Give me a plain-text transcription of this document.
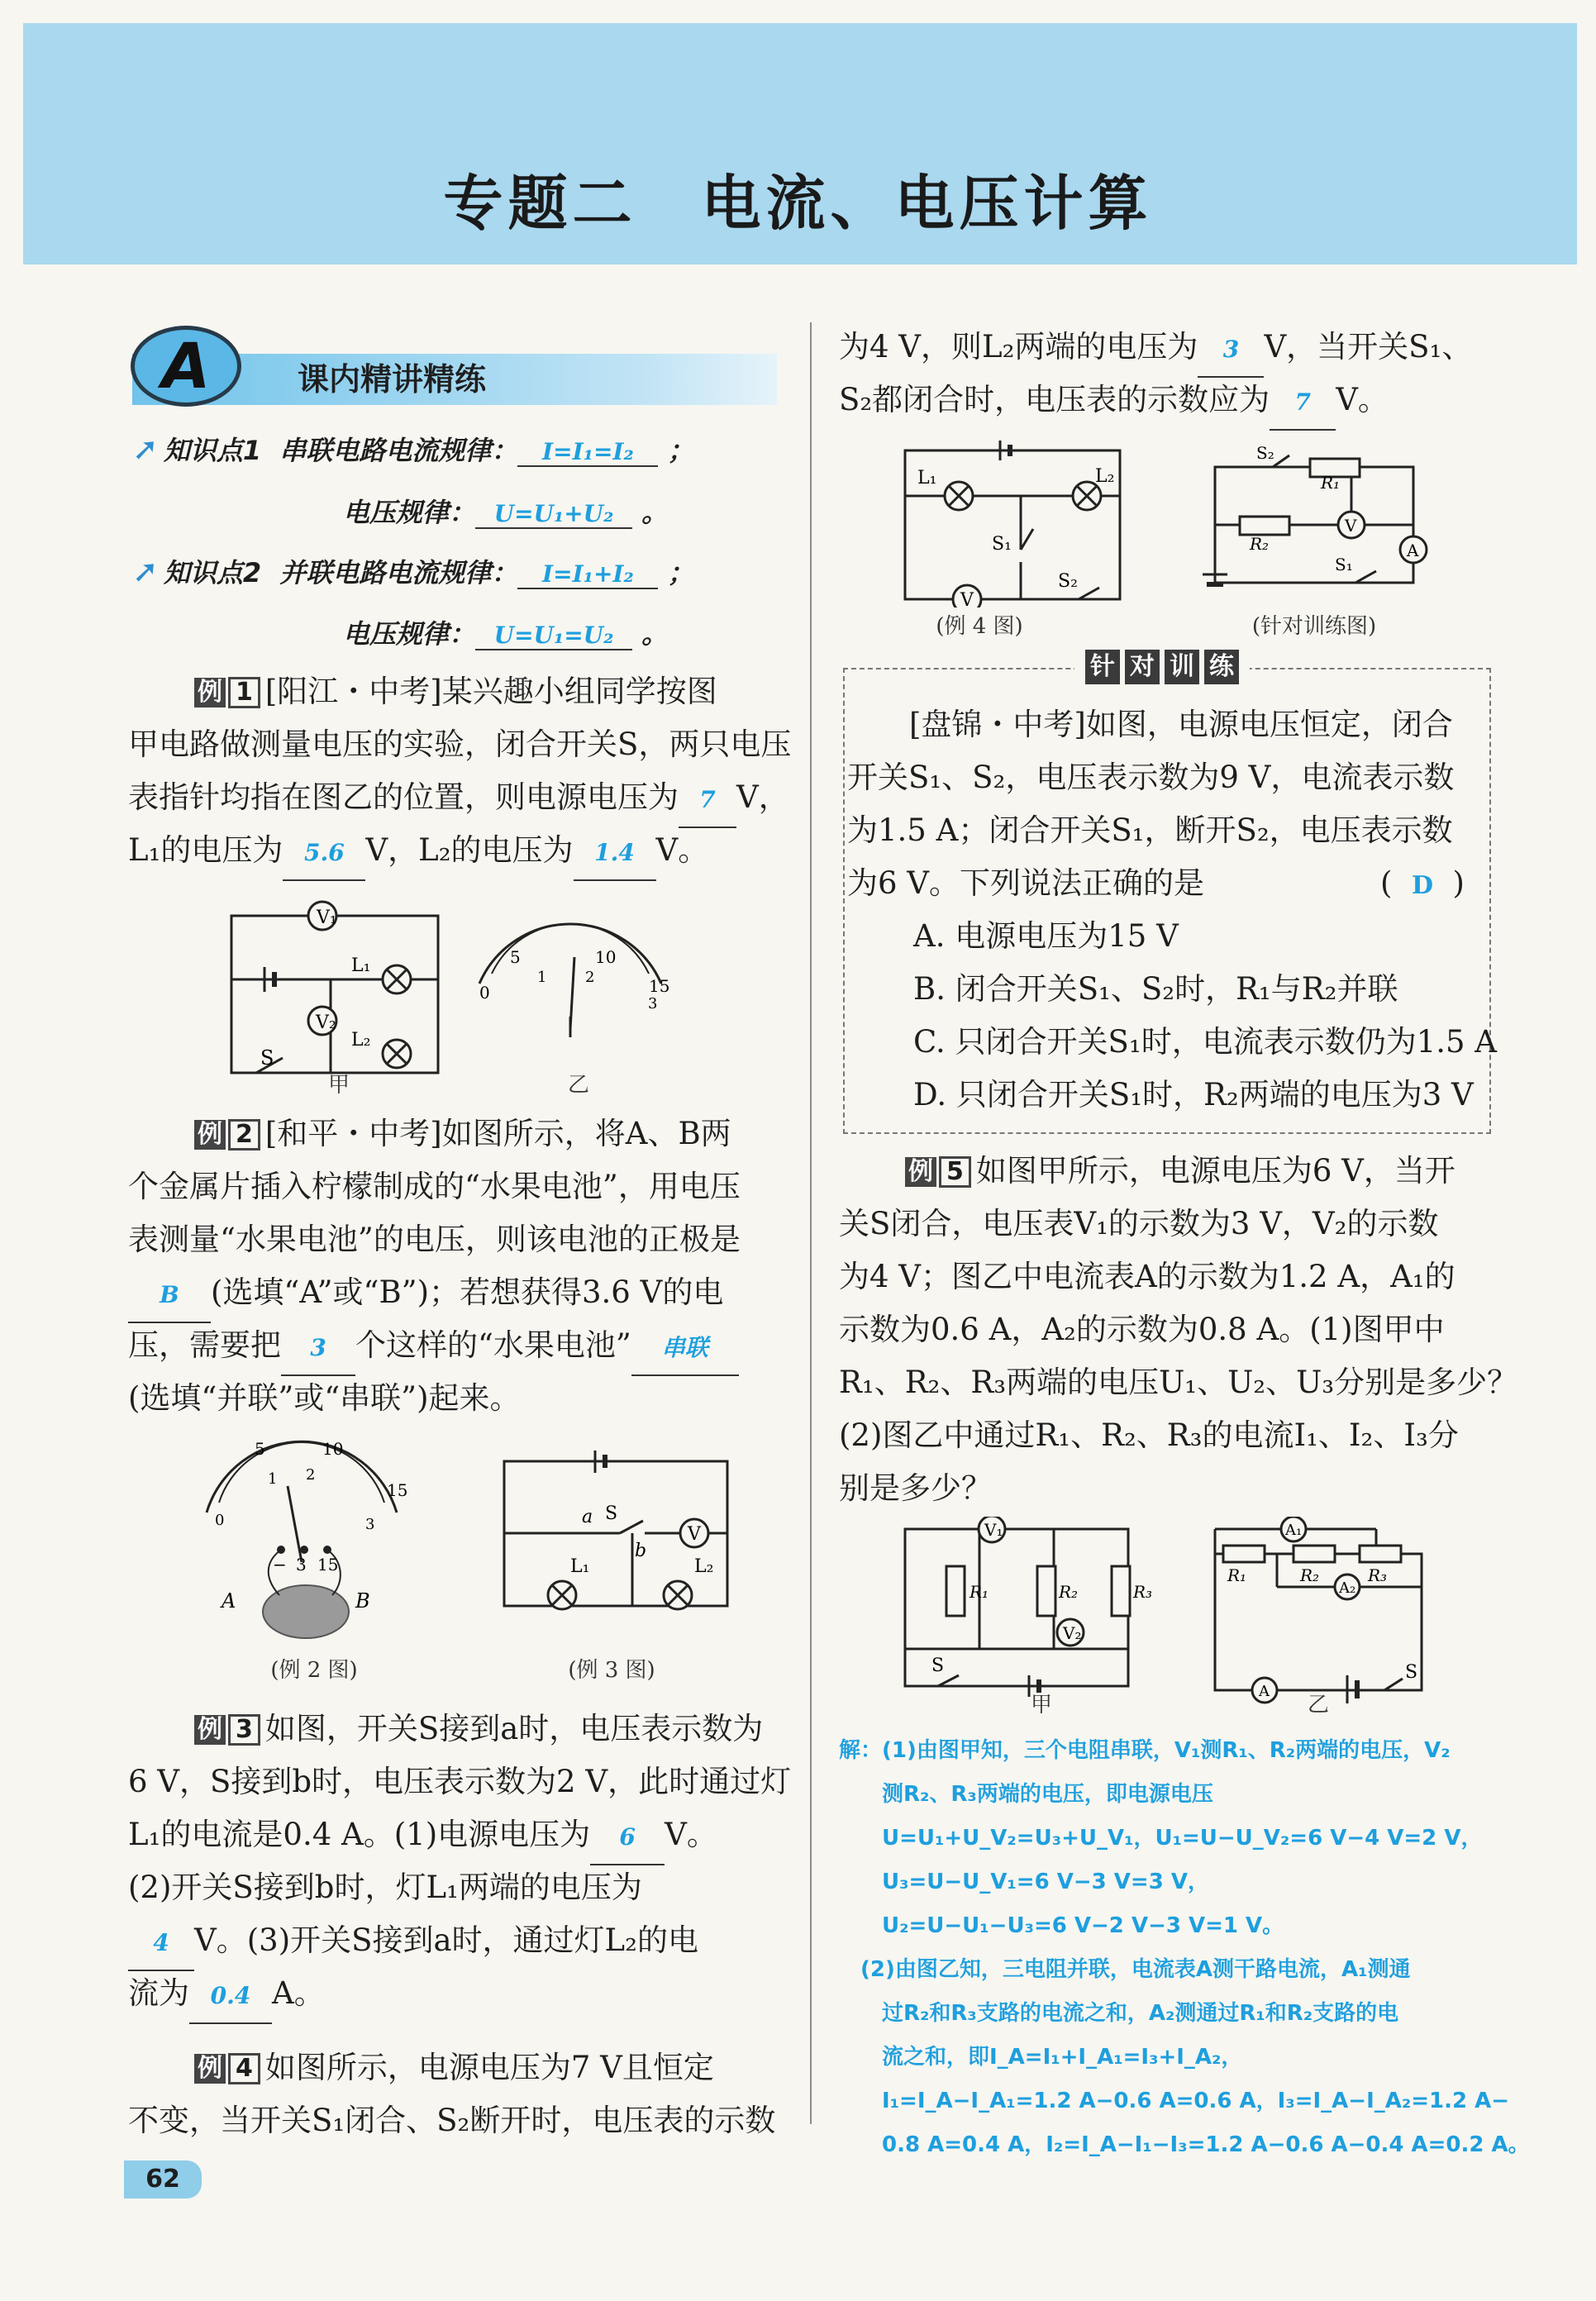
专题二　电流、电压计算
A	课内精讲精练
➚ 知识点1 串联电路电流规律： I=I₁=I₂ ；
电压规律： U=U₁+U₂ 。
➚ 知识点2 并联电路电流规律： I=I₁+I₂ ；
电压规律： U=U₁=U₂ 。
例 1 [阳江・中考]某兴趣小组同学按图
甲电路做测量电压的实验，闭合开关S，两只电压
表指针均指在图乙的位置，则电源电压为 7 V，
L₁的电压为 5.6 V，L₂的电压为 1.4 V。
V₁
V₂
L₁
L₂
S
0
5
1
10
2	15
3
甲	乙
例 2 [和平・中考]如图所示，将A、B两
个金属片插入柠檬制成的“水果电池”，用电压
表测量“水果电池”的电压，则该电池的正极是
B (选填“A”或“B”)；若想获得3.6 V的电
压，需要把 3 个这样的“水果电池” 串联
(选填“并联”或“串联”)起来。
5	10
15
0
1 2
3
− 3 15
A	B
V
a S
b
L₁	L₂
(例 2 图)	(例 3 图)
例 3 如图，开关S接到a时，电压表示数为
6 V，S接到b时，电压表示数为2 V，此时通过灯
L₁的电流是0.4 A。(1)电源电压为 6 V。
(2)开关S接到b时，灯L₁两端的电压为
4 V。(3)开关S接到a时，通过灯L₂的电
流为 0.4 A。
例 4 如图所示，电源电压为7 V且恒定
不变，当开关S₁闭合、S₂断开时，电压表的示数
为4 V，则L₂两端的电压为 3 V，当开关S₁、
S₂都闭合时，电压表的示数应为 7 V。
V
L₁	L₂
S₁
S₂
V
A
S₂
R₁
R₂
S₁
(例 4 图)	(针对训练图)
针 对 训 练
[盘锦・中考]如图，电源电压恒定，闭合
开关S₁、S₂，电压表示数为9 V，电流表示数
为1.5 A；闭合开关S₁，断开S₂，电压表示数
为6 V。下列说法正确的是	(  D  )
A. 电源电压为15 V
B. 闭合开关S₁、S₂时，R₁与R₂并联
C. 只闭合开关S₁时，电流表示数仍为1.5 A
D. 只闭合开关S₁时，R₂两端的电压为3 V
例 5 如图甲所示，电源电压为6 V，当开
关S闭合，电压表V₁的示数为3 V，V₂的示数
为4 V；图乙中电流表A的示数为1.2 A，A₁的
示数为0.6 A，A₂的示数为0.8 A。(1)图甲中
R₁、R₂、R₃两端的电压U₁、U₂、U₃分别是多少？
(2)图乙中通过R₁、R₂、R₃的电流I₁、I₂、I₃分
别是多少？
V₁
V₂
R₁	R₂	R₃
S
A₁
A₂
A
R₁	R₂	R₃
S
甲	乙
解：(1)由图甲知，三个电阻串联，V₁测R₁、R₂两端的电压，V₂
　　测R₂、R₃两端的电压，即电源电压
　　U=U₁+U_V₂=U₃+U_V₁，U₁=U−U_V₂=6 V−4 V=2 V，
　　U₃=U−U_V₁=6 V−3 V=3 V，
　　U₂=U−U₁−U₃=6 V−2 V−3 V=1 V。
　(2)由图乙知，三电阻并联，电流表A测干路电流，A₁测通
　　过R₂和R₃支路的电流之和，A₂测通过R₁和R₂支路的电
　　流之和，即I_A=I₁+I_A₁=I₃+I_A₂，
　　I₁=I_A−I_A₁=1.2 A−0.6 A=0.6 A，I₃=I_A−I_A₂=1.2 A−
　　0.8 A=0.4 A，I₂=I_A−I₁−I₃=1.2 A−0.6 A−0.4 A=0.2 A。
62
